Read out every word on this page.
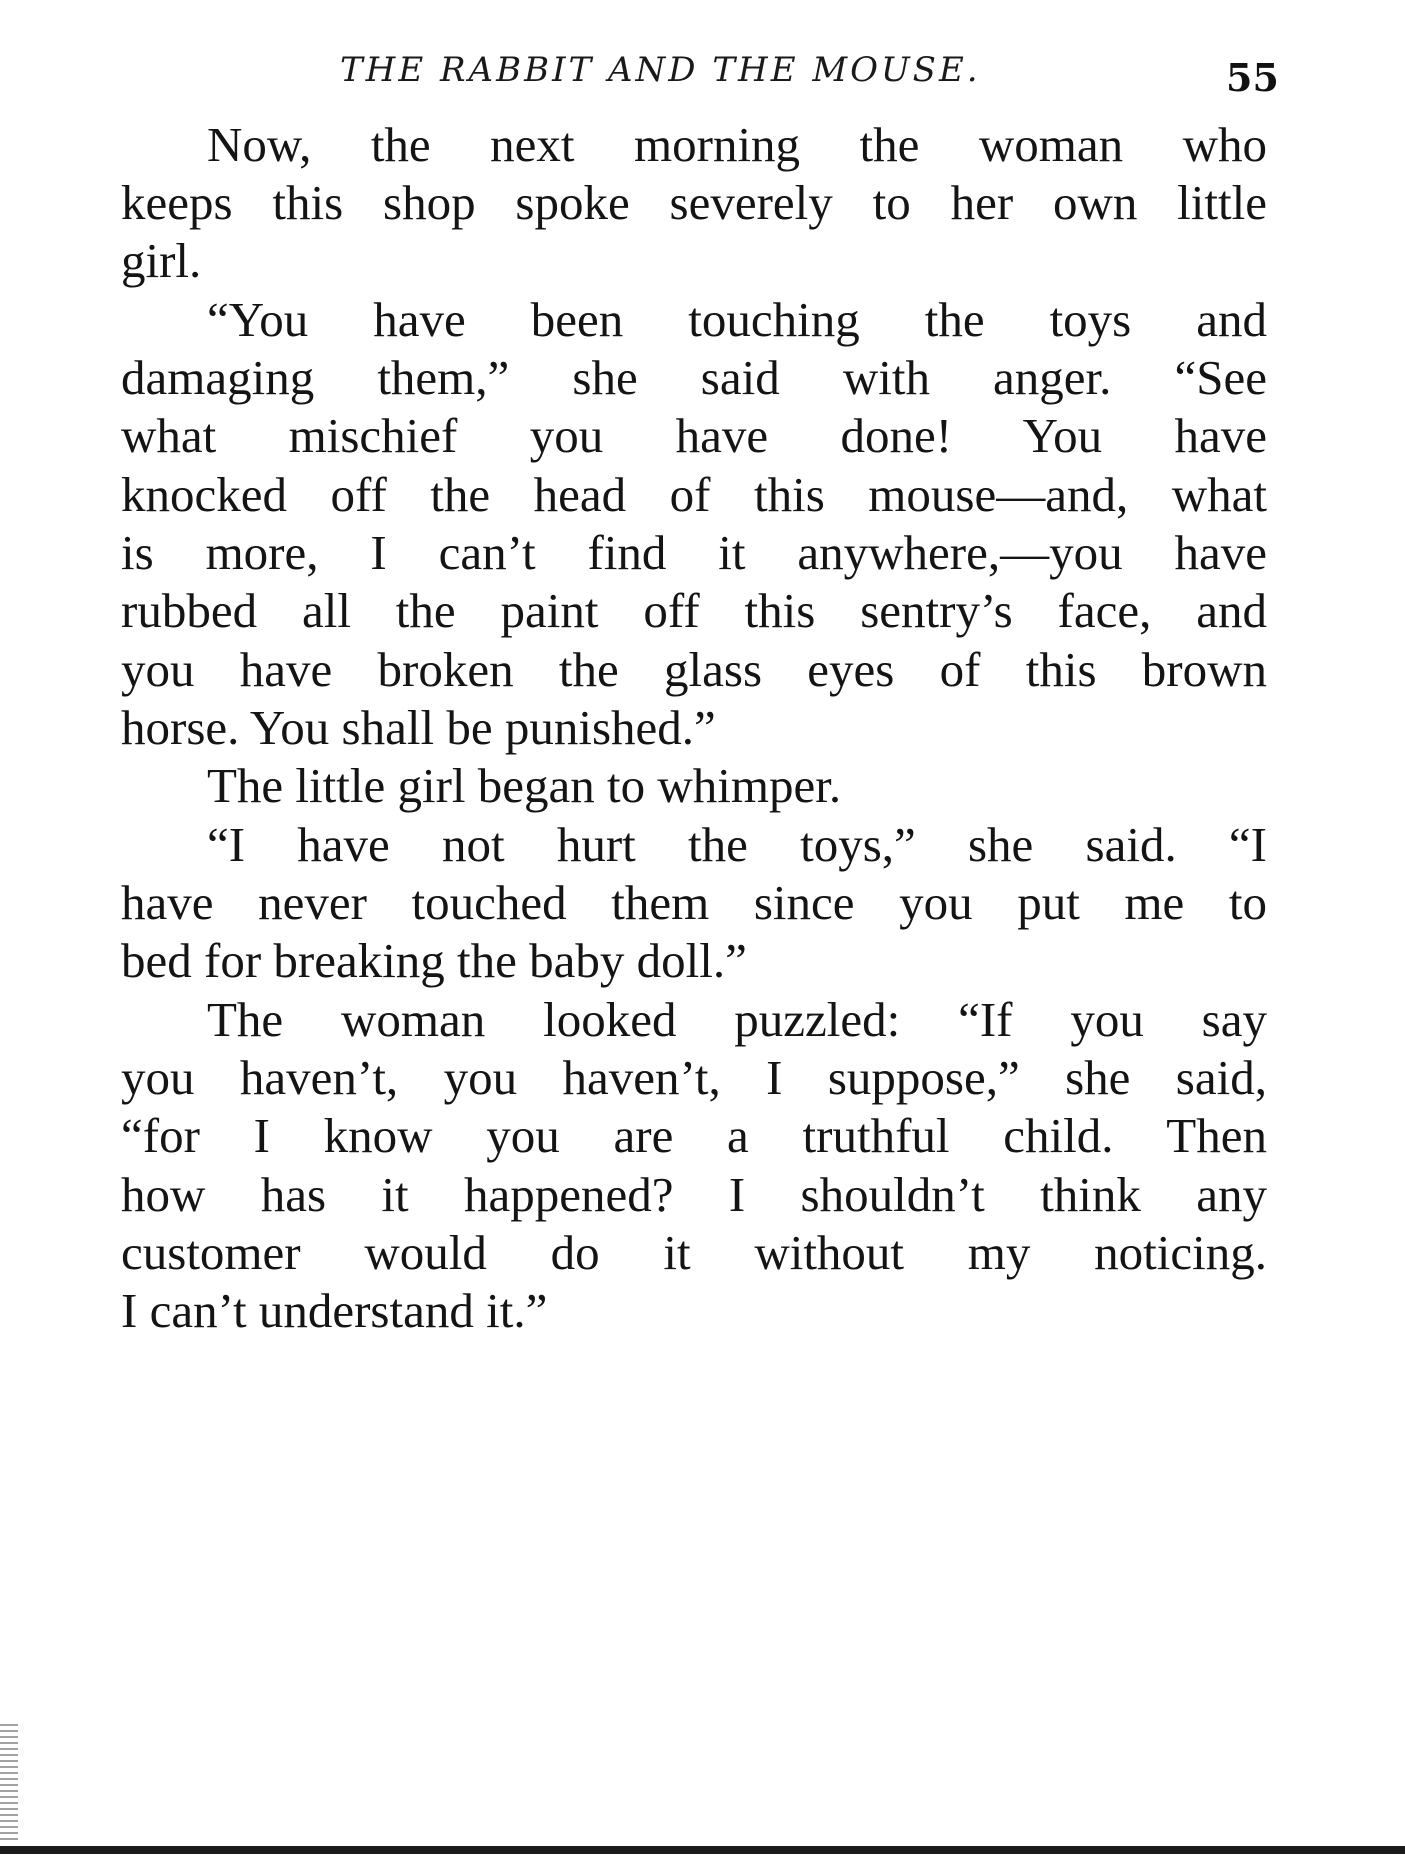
THE RABBIT AND THE MOUSE.	55
Now, the next morning the woman who
keeps this shop spoke severely to her own little
girl.
“You have been touching the toys and
damaging them,” she said with anger. “See
what mischief you have done! You have
knocked off the head of this mouse—and, what
is more, I can’t find it anywhere,—you have
rubbed all the paint off this sentry’s face, and
you have broken the glass eyes of this brown
horse. You shall be punished.”
The little girl began to whimper.
“I have not hurt the toys,” she said. “I
have never touched them since you put me to
bed for breaking the baby doll.”
The woman looked puzzled: “If you say
you haven’t, you haven’t, I suppose,” she said,
“for I know you are a truthful child. Then
how has it happened? I shouldn’t think any
customer would do it without my noticing.
I can’t understand it.”
